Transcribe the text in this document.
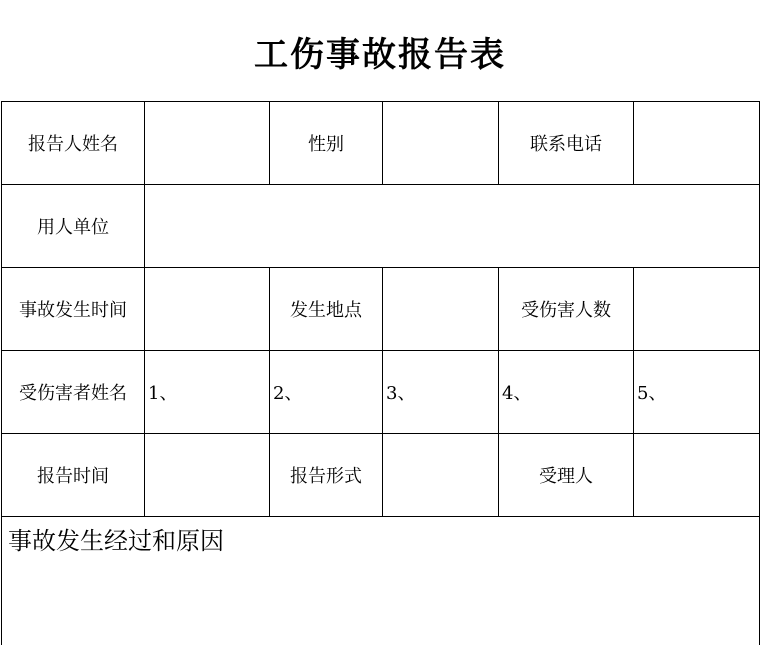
工伤事故报告表
报告人姓名		性别		联系电话	
用人单位					
事故发生时间		发生地点		受伤害人数	
受伤害者姓名	1、	2、	3、	4、	5、
报告时间		报告形式		受理人	
事故发生经过和原因					
